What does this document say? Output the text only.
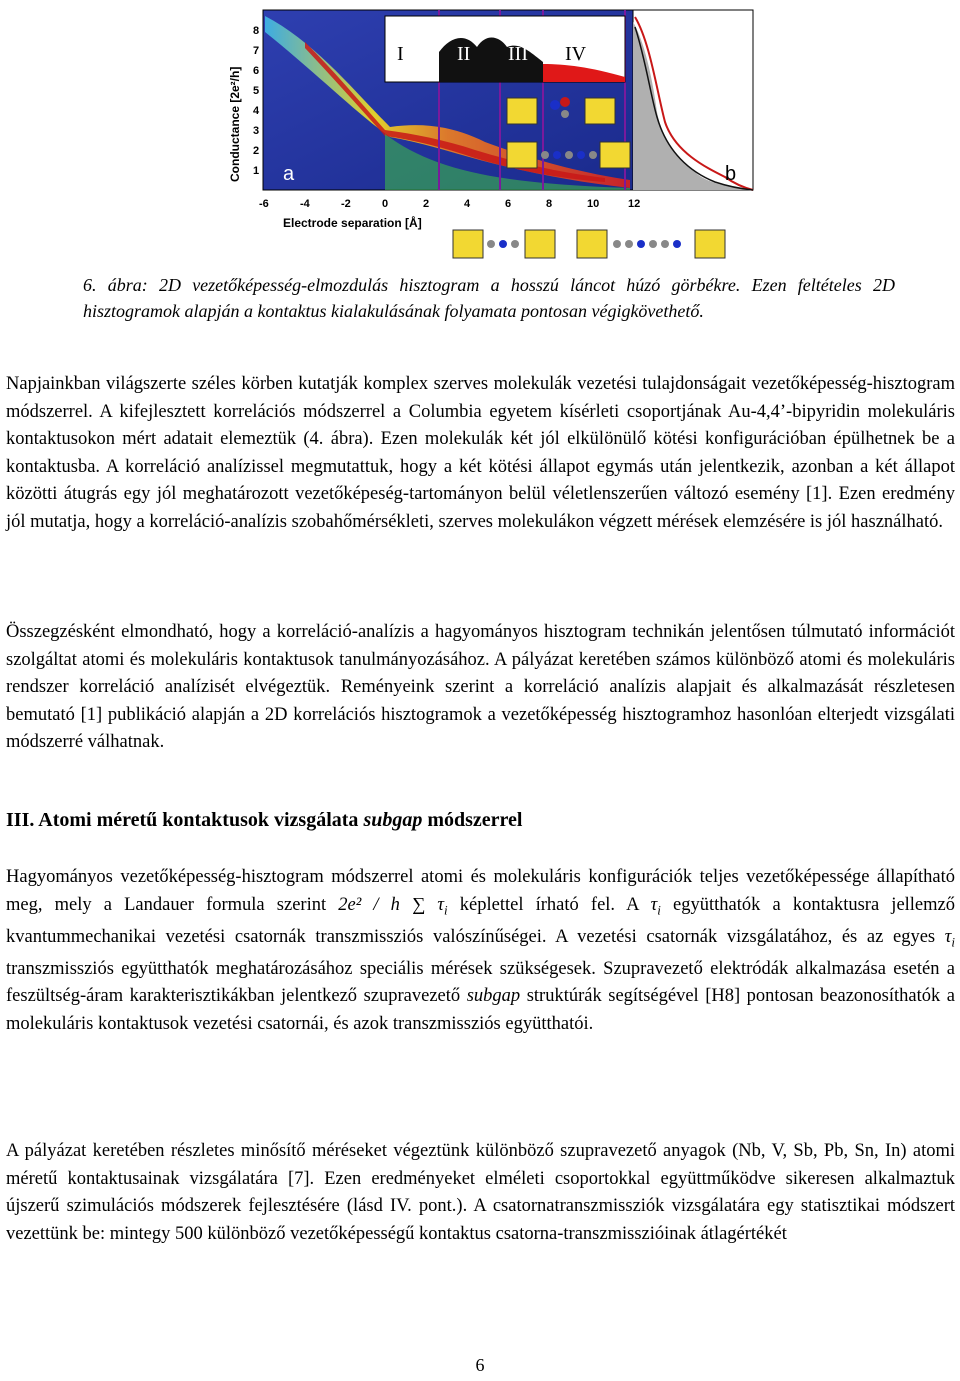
I	II III IV
Conductance [2e²/h]
Electrode separation [Å]
1
2
3
4
5
6
7
8
-6	-4	-2	0	2	4	6	8	10	12
a	b
6. ábra: 2D vezetőképesség-elmozdulás hisztogram a hosszú láncot húzó görbékre. Ezen feltételes 2D hisztogramok alapján a kontaktus kialakulásának folyamata pontosan végigkövethető.

Napjainkban világszerte széles körben kutatják komplex szerves molekulák vezetési tulajdonságait vezetőképesség-hisztogram módszerrel. A kifejlesztett korrelációs módszerrel a Columbia egyetem kísérleti csoportjának Au-4,4’-bipyridin molekuláris kontaktusokon mért adatait elemeztük (4. ábra). Ezen molekulák két jól elkülönülő kötési konfigurációban épülhetnek be a kontaktusba. A korreláció analízissel megmutattuk, hogy a két kötési állapot egymás után jelentkezik, azonban a két állapot közötti átugrás egy jól meghatározott vezetőképeség-tartományon belül véletlenszerűen változó esemény [1]. Ezen eredmény jól mutatja, hogy a korreláció-analízis szobahőmérsékleti, szerves molekulákon végzett mérések elemzésére is jól használható.

Összegzésként elmondható, hogy a korreláció-analízis a hagyományos hisztogram technikán jelentősen túlmutató információt szolgáltat atomi és molekuláris kontaktusok tanulmányozásához. A pályázat keretében számos különböző atomi és molekuláris rendszer korreláció analízisét elvégeztük. Reményeink szerint a korreláció analízis alapjait és alkalmazását részletesen bemutató [1] publikáció alapján a 2D korrelációs hisztogramok a vezetőképesség hisztogramhoz hasonlóan elterjedt vizsgálati módszerré válhatnak.

III. Atomi méretű kontaktusok vizsgálata subgap módszerrel

Hagyományos vezetőképesség-hisztogram módszerrel atomi és molekuláris konfigurációk teljes vezetőképessége állapítható meg, mely a Landauer formula szerint 2e² / h ∑ $\tau_i$ képlettel írható fel. A $\tau_i$ együtthatók a kontaktusra jellemző kvantummechanikai vezetési csatornák transzmissziós valószínűségei. A vezetési csatornák vizsgálatához, és az egyes $\tau_i$ transzmissziós együtthatók meghatározásához speciális mérések szükségesek. Szupravezető elektródák alkalmazása esetén a feszültség-áram karakterisztikákban jelentkező szupravezető subgap struktúrák segítségével [H8] pontosan beazonosíthatók a molekuláris kontaktusok vezetési csatornái, és azok transzmissziós együtthatói.

A pályázat keretében részletes minősítő méréseket végeztünk különböző szupravezető anyagok (Nb, V, Sb, Pb, Sn, In) atomi méretű kontaktusainak vizsgálatára [7]. Ezen eredményeket elméleti csoportokkal együttműködve sikeresen alkalmaztuk újszerű szimulációs módszerek fejlesztésére (lásd IV. pont.). A csatornatranszmissziók vizsgálatára egy statisztikai módszert vezettünk be: mintegy 500 különböző vezetőképességű kontaktus csatorna-transzmisszióinak átlagértékét

6
